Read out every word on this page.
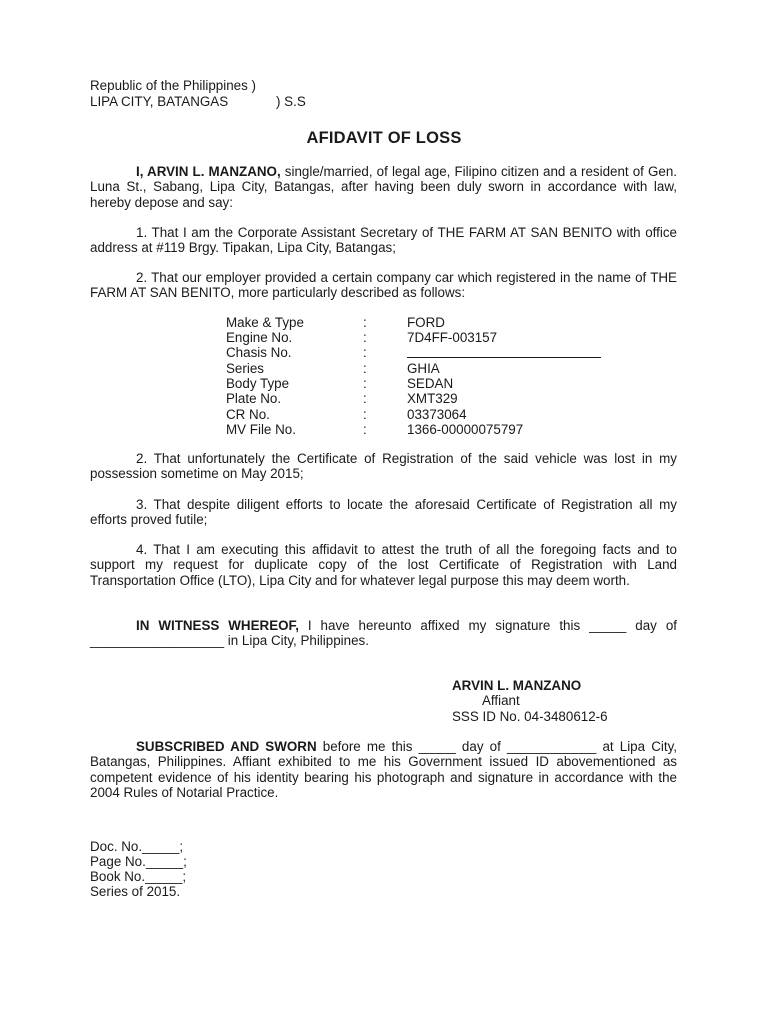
Republic of the Philippines )
LIPA CITY, BATANGAS	) S.S
AFIDAVIT OF LOSS
I, ARVIN L. MANZANO, single/married, of legal age, Filipino citizen and a resident of Gen. Luna St., Sabang, Lipa City, Batangas, after having been duly sworn in accordance with law, hereby depose and say:
1. That I am the Corporate Assistant Secretary of THE FARM AT SAN BENITO with office address at #119 Brgy. Tipakan, Lipa City, Batangas;
2. That our employer provided a certain company car which registered in the name of THE FARM AT SAN BENITO, more particularly described as follows:
Make & Type	:	FORD
Engine No.	:	7D4FF-003157
Chasis No.	:	
Series	:	GHIA
Body Type	:	SEDAN
Plate No.	:	XMT329
CR No.	:	03373064
MV File No.	:	1366-00000075797
2. That unfortunately the Certificate of Registration of the said vehicle was lost in my possession sometime on May 2015;
3. That despite diligent efforts to locate the aforesaid Certificate of Registration all my efforts proved futile;
4. That I am executing this affidavit to attest the truth of all the foregoing facts and to support my request for duplicate copy of the lost Certificate of Registration with Land Transportation Office (LTO), Lipa City and for whatever legal purpose this may deem worth.
IN WITNESS WHEREOF, I have hereunto affixed my signature this _____ day of __________________ in Lipa City, Philippines.
ARVIN L. MANZANO
Affiant
SSS ID No. 04-3480612-6
SUBSCRIBED AND SWORN before me this _____ day of ____________ at Lipa City, Batangas, Philippines. Affiant exhibited to me his Government issued ID abovementioned as competent evidence of his identity bearing his photograph and signature in accordance with the 2004 Rules of Notarial Practice.
Doc. No._____;
Page No._____;
Book No._____;
Series of 2015.
